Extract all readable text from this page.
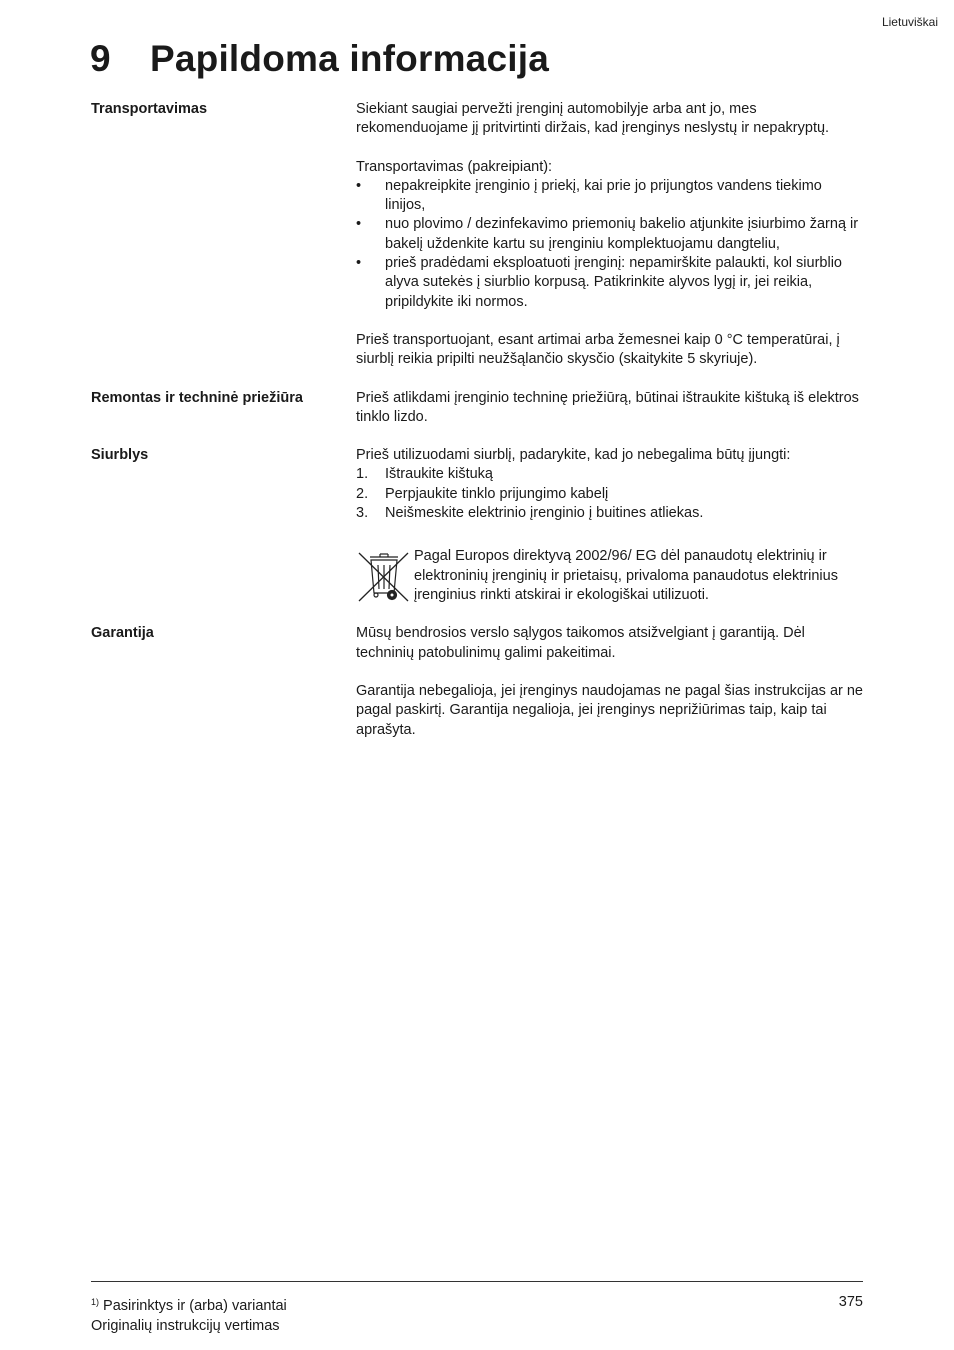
Lietuviškai
9 Papildoma informacija
Transportavimas	Siekiant saugiai pervežti įrenginį automobilyje arba ant jo, mes rekomenduojame jį pritvirtinti diržais, kad įrenginys neslystų ir nepakryptų.

Transportavimas (pakreipiant):

• nepakreipkite įrenginio į priekį, kai prie jo prijungtos vandens tiekimo linijos,
• nuo plovimo / dezinfekavimo priemonių bakelio atjunkite įsiurbimo žarną ir bakelį uždenkite kartu su įrenginiu komplektuojamu dangteliu,
• prieš pradėdami eksploatuoti įrenginį: nepamirškite palaukti, kol siurblio alyva sutekės į siurblio korpusą. Patikrinkite alyvos lygį ir, jei reikia, pripildykite iki normos.

Prieš transportuojant, esant artimai arba žemesnei kaip 0 °C temperatūrai, į siurblį reikia pripilti neužšąlančio skysčio (skaitykite 5 skyriuje).

Remontas ir techninė priežiūra	Prieš atlikdami įrenginio techninę priežiūrą, būtinai ištraukite kištuką iš elektros tinklo lizdo.

Siurblys	Prieš utilizuodami siurblį, padarykite, kad jo nebegalima būtų įjungti:

1. Ištraukite kištuką
2. Perpjaukite tinklo prijungimo kabelį
3. Neišmeskite elektrinio įrenginio į buitines atliekas.

Pagal Europos direktyvą 2002/96/ EG dėl panaudotų elektrinių ir elektroninių įrenginių ir prietaisų, privaloma panaudotus elektrinius įrenginius rinkti atskirai ir ekologiškai utilizuoti.

Garantija	Mūsų bendrosios verslo sąlygos taikomos atsižvelgiant į garantiją. Dėl techninių patobulinimų galimi pakeitimai.

Garantija nebegalioja, jei įrenginys naudojamas ne pagal šias instrukcijas ar ne pagal paskirtį. Garantija negalioja, jei įrenginys neprižiūrimas taip, kaip tai aprašyta.

$^{1)}$ Pasirinktys ir (arba) variantai
Originalių instrukcijų vertimas
375
